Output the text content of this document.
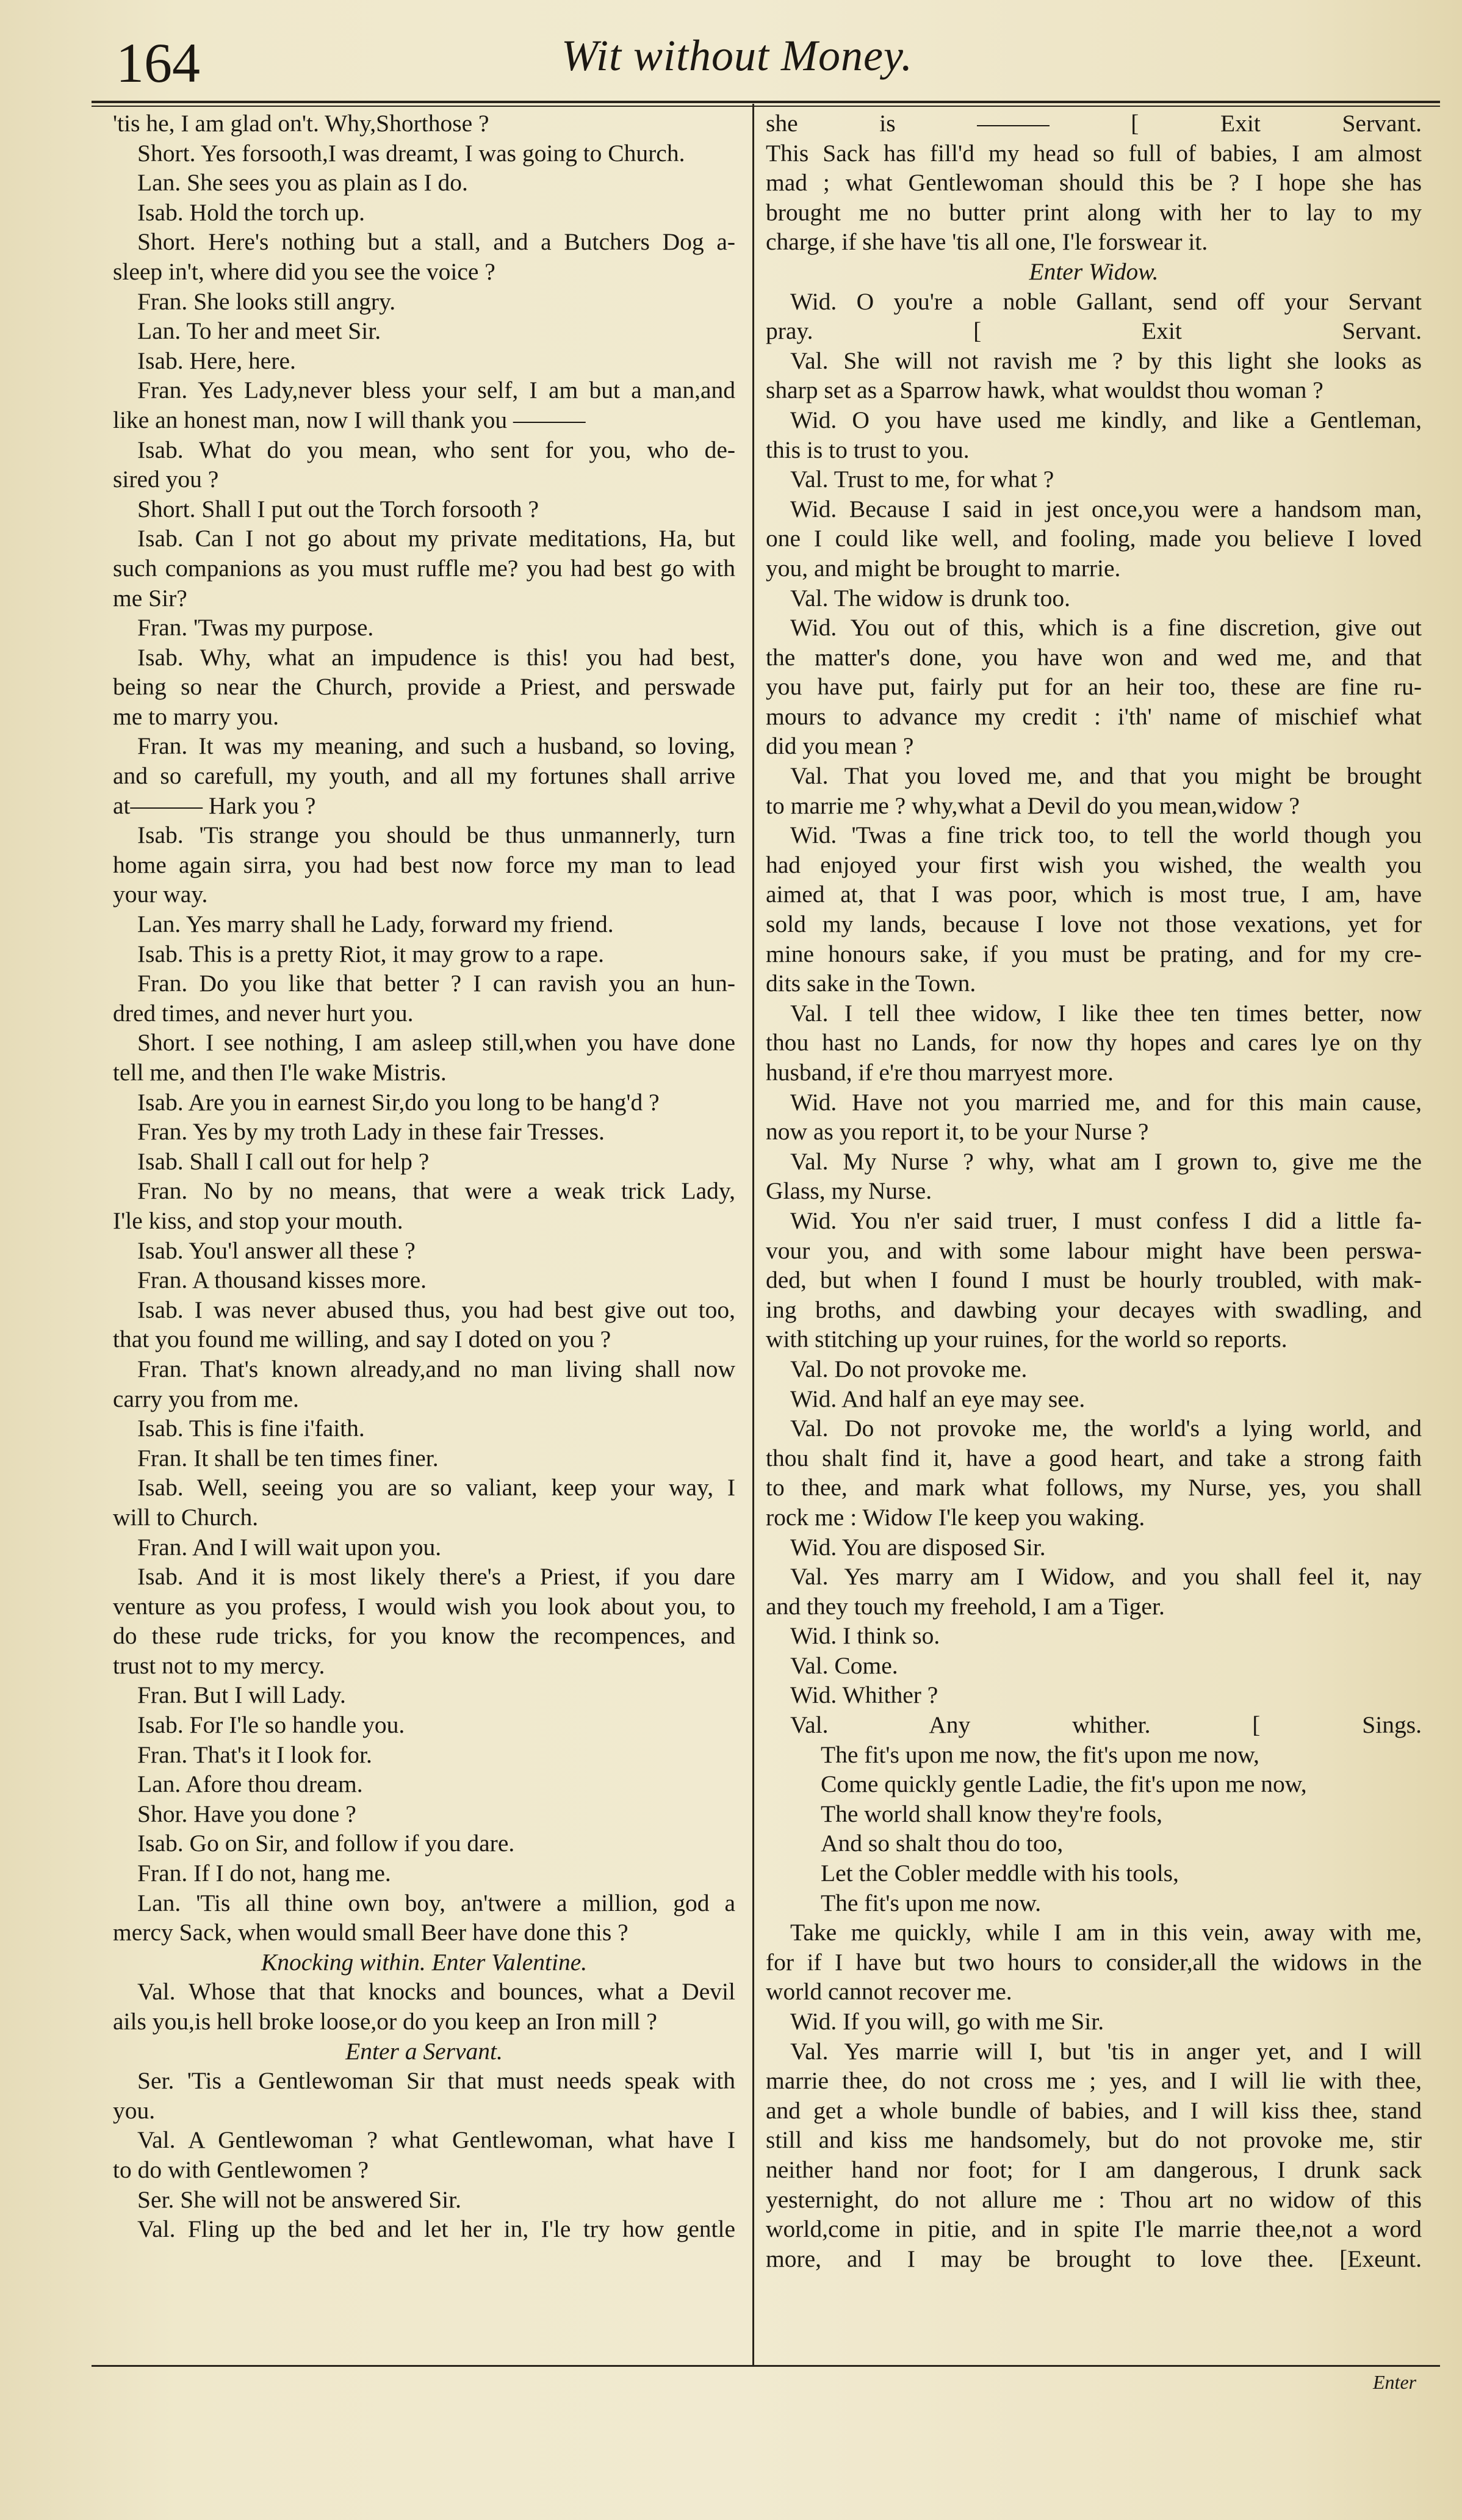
164	Wit without Money.
'tis he, I am glad on't. Why,Shorthose ?
Short. Yes forsooth,I was dreamt, I was going to Church.
Lan. She sees you as plain as I do.
Isab. Hold the torch up.
Short. Here's nothing but a stall, and a Butchers Dog a-
sleep in't, where did you see the voice ?
Fran. She looks still angry.
Lan. To her and meet Sir.
Isab. Here, here.
Fran. Yes Lady,never bless your self, I am but a man,and
like an honest man, now I will thank you ———
Isab. What do you mean, who sent for you, who de-
sired you ?
Short. Shall I put out the Torch forsooth ?
Isab. Can I not go about my private meditations, Ha, but
such companions as you must ruffle me? you had best go with
me Sir?
Fran. 'Twas my purpose.
Isab. Why, what an impudence is this! you had best,
being so near the Church, provide a Priest, and perswade
me to marry you.
Fran. It was my meaning, and such a husband, so loving,
and so carefull, my youth, and all my fortunes shall arrive
at——— Hark you ?
Isab. 'Tis strange you should be thus unmannerly, turn
home again sirra, you had best now force my man to lead
your way.
Lan. Yes marry shall he Lady, forward my friend.
Isab. This is a pretty Riot, it may grow to a rape.
Fran. Do you like that better ? I can ravish you an hun-
dred times, and never hurt you.
Short. I see nothing, I am asleep still,when you have done
tell me, and then I'le wake Mistris.
Isab. Are you in earnest Sir,do you long to be hang'd ?
Fran. Yes by my troth Lady in these fair Tresses.
Isab. Shall I call out for help ?
Fran. No by no means, that were a weak trick Lady,
I'le kiss, and stop your mouth.
Isab. You'l answer all these ?
Fran. A thousand kisses more.
Isab. I was never abused thus, you had best give out too,
that you found me willing, and say I doted on you ?
Fran. That's known already,and no man living shall now
carry you from me.
Isab. This is fine i'faith.
Fran. It shall be ten times finer.
Isab. Well, seeing you are so valiant, keep your way, I
will to Church.
Fran. And I will wait upon you.
Isab. And it is most likely there's a Priest, if you dare
venture as you profess, I would wish you look about you, to
do these rude tricks, for you know the recompences, and
trust not to my mercy.
Fran. But I will Lady.
Isab. For I'le so handle you.
Fran. That's it I look for.
Lan. Afore thou dream.
Shor. Have you done ?
Isab. Go on Sir, and follow if you dare.
Fran. If I do not, hang me.
Lan. 'Tis all thine own boy, an'twere a million, god a
mercy Sack, when would small Beer have done this ?
Knocking within. Enter Valentine.
Val. Whose that that knocks and bounces, what a Devil
ails you,is hell broke loose,or do you keep an Iron mill ?
Enter a Servant.
Ser. 'Tis a Gentlewoman Sir that must needs speak with
you.
Val. A Gentlewoman ? what Gentlewoman, what have I
to do with Gentlewomen ?
Ser. She will not be answered Sir.
Val. Fling up the bed and let her in, I'le try how gentle
she is ——— [ Exit Servant.
This Sack has fill'd my head so full of babies, I am almost
mad ; what Gentlewoman should this be ? I hope she has
brought me no butter print along with her to lay to my
charge, if she have 'tis all one, I'le forswear it.
Enter Widow.
Wid. O you're a noble Gallant, send off your Servant
pray. [ Exit Servant.
Val. She will not ravish me ? by this light she looks as
sharp set as a Sparrow hawk, what wouldst thou woman ?
Wid. O you have used me kindly, and like a Gentleman,
this is to trust to you.
Val. Trust to me, for what ?
Wid. Because I said in jest once,you were a handsom man,
one I could like well, and fooling, made you believe I loved
you, and might be brought to marrie.
Val. The widow is drunk too.
Wid. You out of this, which is a fine discretion, give out
the matter's done, you have won and wed me, and that
you have put, fairly put for an heir too, these are fine ru-
mours to advance my credit : i'th' name of mischief what
did you mean ?
Val. That you loved me, and that you might be brought
to marrie me ? why,what a Devil do you mean,widow ?
Wid. 'Twas a fine trick too, to tell the world though you
had enjoyed your first wish you wished, the wealth you
aimed at, that I was poor, which is most true, I am, have
sold my lands, because I love not those vexations, yet for
mine honours sake, if you must be prating, and for my cre-
dits sake in the Town.
Val. I tell thee widow, I like thee ten times better, now
thou hast no Lands, for now thy hopes and cares lye on thy
husband, if e're thou marryest more.
Wid. Have not you married me, and for this main cause,
now as you report it, to be your Nurse ?
Val. My Nurse ? why, what am I grown to, give me the
Glass, my Nurse.
Wid. You n'er said truer, I must confess I did a little fa-
vour you, and with some labour might have been perswa-
ded, but when I found I must be hourly troubled, with mak-
ing broths, and dawbing your decayes with swadling, and
with stitching up your ruines, for the world so reports.
Val. Do not provoke me.
Wid. And half an eye may see.
Val. Do not provoke me, the world's a lying world, and
thou shalt find it, have a good heart, and take a strong faith
to thee, and mark what follows, my Nurse, yes, you shall
rock me : Widow I'le keep you waking.
Wid. You are disposed Sir.
Val. Yes marry am I Widow, and you shall feel it, nay
and they touch my freehold, I am a Tiger.
Wid. I think so.
Val. Come.
Wid. Whither ?
Val. Any whither. [ Sings.
The fit's upon me now, the fit's upon me now,
Come quickly gentle Ladie, the fit's upon me now,
The world shall know they're fools,
And so shalt thou do too,
Let the Cobler meddle with his tools,
The fit's upon me now.
Take me quickly, while I am in this vein, away with me,
for if I have but two hours to consider,all the widows in the
world cannot recover me.
Wid. If you will, go with me Sir.
Val. Yes marrie will I, but 'tis in anger yet, and I will
marrie thee, do not cross me ; yes, and I will lie with thee,
and get a whole bundle of babies, and I will kiss thee, stand
still and kiss me handsomely, but do not provoke me, stir
neither hand nor foot; for I am dangerous, I drunk sack
yesternight, do not allure me : Thou art no widow of this
world,come in pitie, and in spite I'le marrie thee,not a word
more, and I may be brought to love thee. [Exeunt.
Enter
